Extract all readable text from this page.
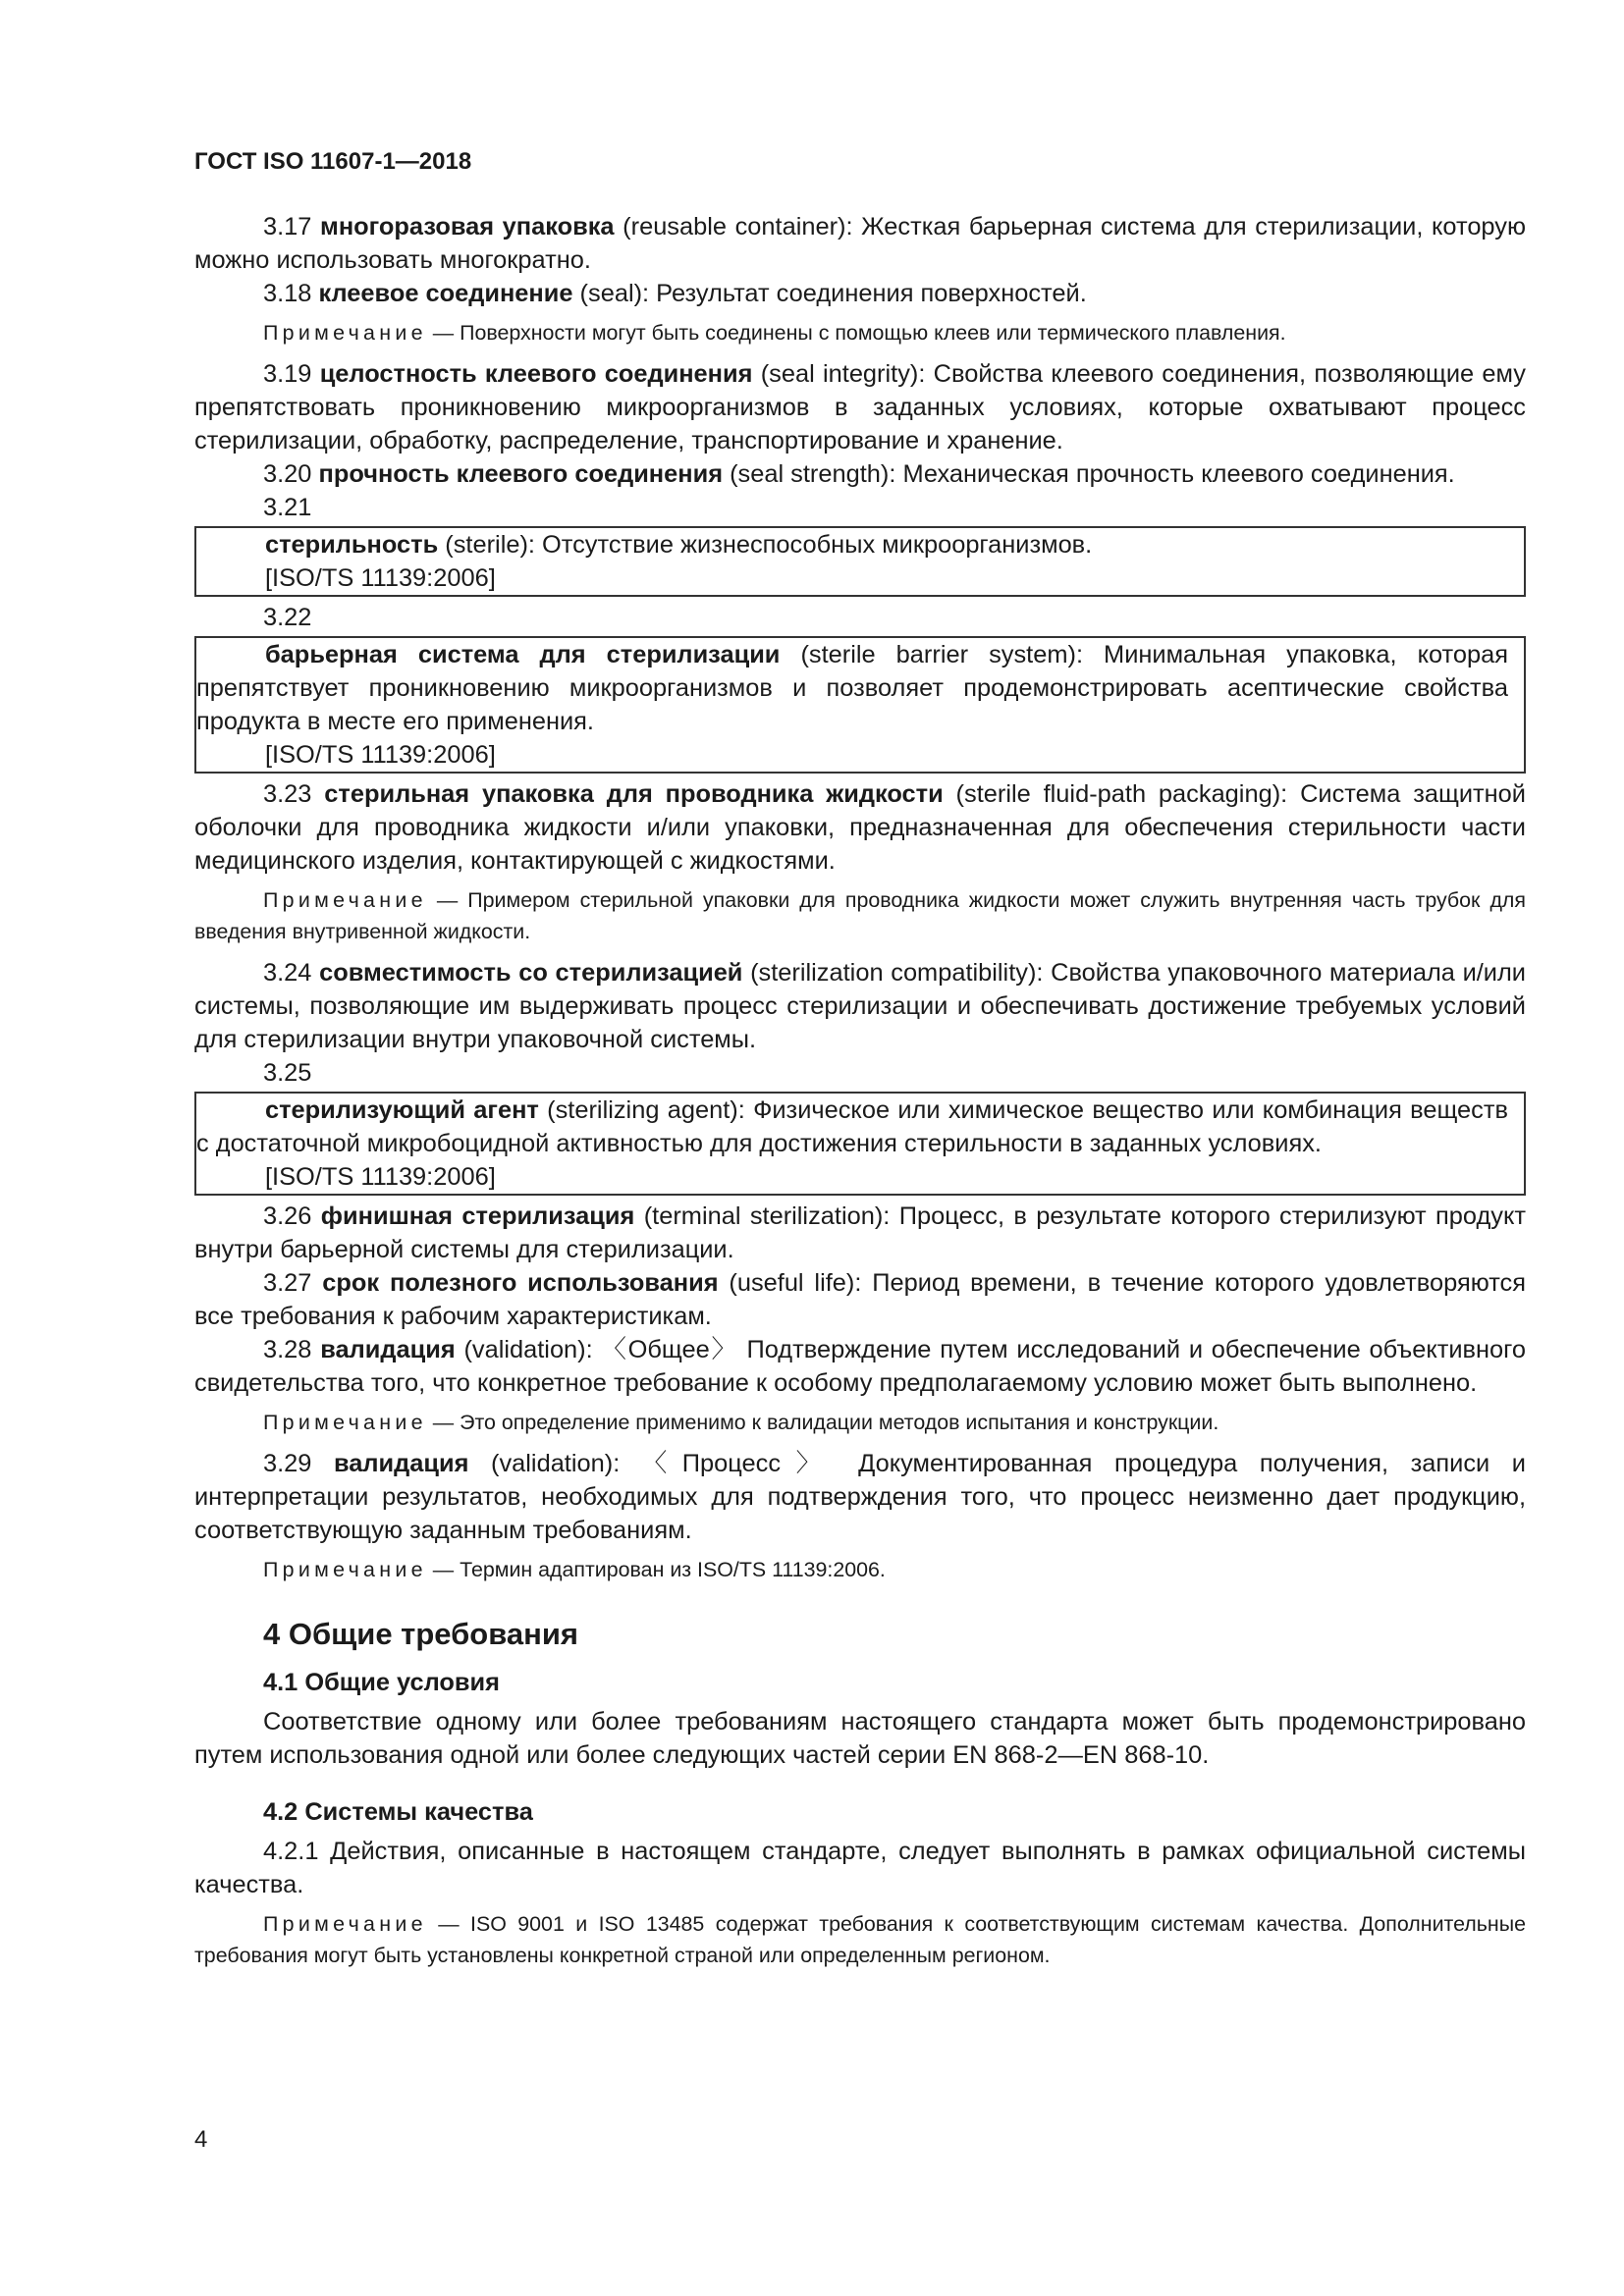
ГОСТ ISO 11607-1—2018

3.17 многоразовая упаковка (reusable container): Жесткая барьерная система для стерилизации, которую можно использовать многократно.

3.18 клеевое соединение (seal): Результат соединения поверхностей.

Примечание — Поверхности могут быть соединены с помощью клеев или термического плавления.

3.19 целостность клеевого соединения (seal integrity): Свойства клеевого соединения, позволяющие ему препятствовать проникновению микроорганизмов в заданных условиях, которые охватывают процесс стерилизации, обработку, распределение, транспортирование и хранение.

3.20 прочность клеевого соединения (seal strength): Механическая прочность клеевого соединения.

3.21

стерильность (sterile): Отсутствие жизнеспособных микроорганизмов.

[ISO/TS 11139:2006]

3.22

барьерная система для стерилизации (sterile barrier system): Минимальная упаковка, которая препятствует проникновению микроорганизмов и позволяет продемонстрировать асептические свойства продукта в месте его применения.

[ISO/TS 11139:2006]

3.23 стерильная упаковка для проводника жидкости (sterile fluid-path packaging): Система защитной оболочки для проводника жидкости и/или упаковки, предназначенная для обеспечения стерильности части медицинского изделия, контактирующей с жидкостями.

Примечание — Примером стерильной упаковки для проводника жидкости может служить внутренняя часть трубок для введения внутривенной жидкости.

3.24 совместимость со стерилизацией (sterilization compatibility): Свойства упаковочного материала и/или системы, позволяющие им выдерживать процесс стерилизации и обеспечивать достижение требуемых условий для стерилизации внутри упаковочной системы.

3.25

стерилизующий агент (sterilizing agent): Физическое или химическое вещество или комбинация веществ с достаточной микробоцидной активностью для достижения стерильности в заданных условиях.

[ISO/TS 11139:2006]

3.26 финишная стерилизация (terminal sterilization): Процесс, в результате которого стерилизуют продукт внутри барьерной системы для стерилизации.

3.27 срок полезного использования (useful life): Период времени, в течение которого удовлетворяются все требования к рабочим характеристикам.

3.28 валидация (validation): 〈Общее〉 Подтверждение путем исследований и обеспечение объективного свидетельства того, что конкретное требование к особому предполагаемому условию может быть выполнено.

Примечание — Это определение применимо к валидации методов испытания и конструкции.

3.29 валидация (validation): 〈Процесс〉 Документированная процедура получения, записи и интерпретации результатов, необходимых для подтверждения того, что процесс неизменно дает продукцию, соответствующую заданным требованиям.

Примечание — Термин адаптирован из ISO/TS 11139:2006.

4 Общие требования
4.1 Общие условия

Соответствие одному или более требованиям настоящего стандарта может быть продемонстрировано путем использования одной или более следующих частей серии EN 868-2—EN 868-10.

4.2 Системы качества

4.2.1 Действия, описанные в настоящем стандарте, следует выполнять в рамках официальной системы качества.

Примечание — ISO 9001 и ISO 13485 содержат требования к соответствующим системам качества. Дополнительные требования могут быть установлены конкретной страной или определенным регионом.

4
